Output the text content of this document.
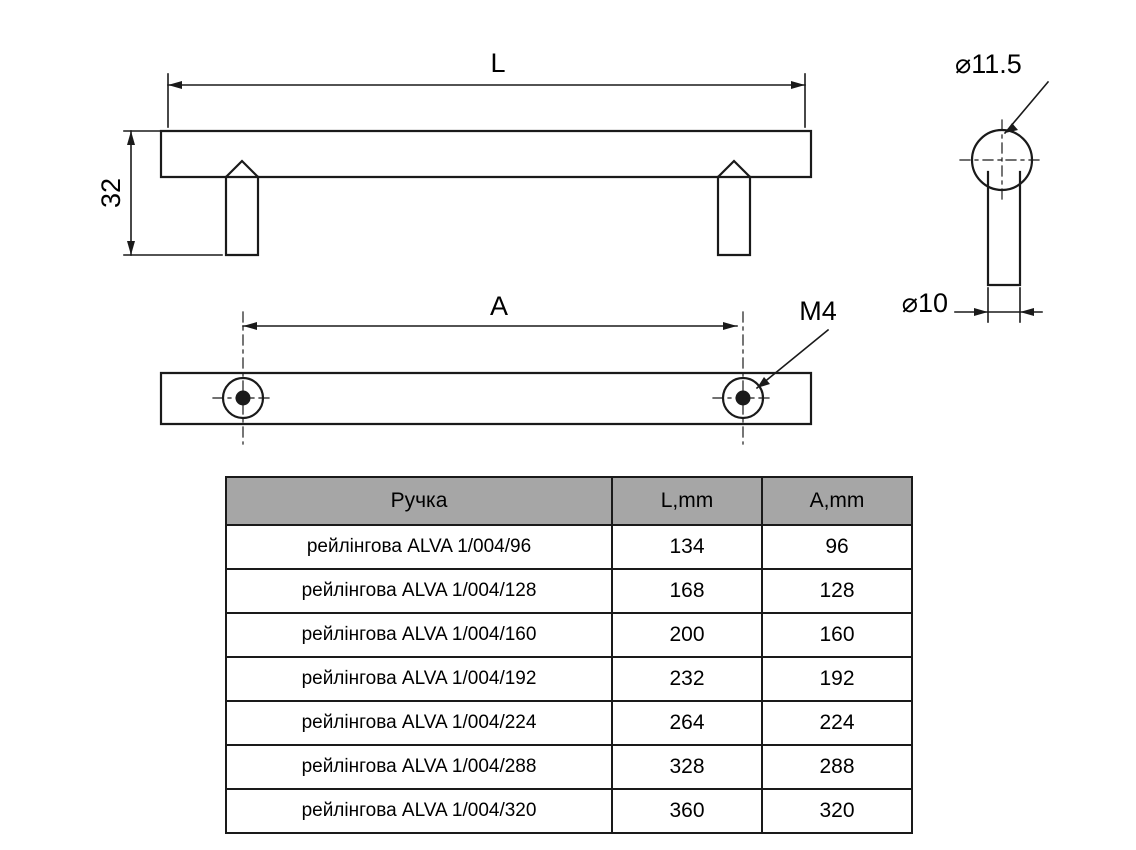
L
32
A	M4
⌀11.5
⌀10
Ручка	L,mm	A,mm
рейлінгова ALVA 1/004/96	134	96
рейлінгова ALVA 1/004/128	168	128
рейлінгова ALVA 1/004/160	200	160
рейлінгова ALVA 1/004/192	232	192
рейлінгова ALVA 1/004/224	264	224
рейлінгова ALVA 1/004/288	328	288
рейлінгова ALVA 1/004/320	360	320
